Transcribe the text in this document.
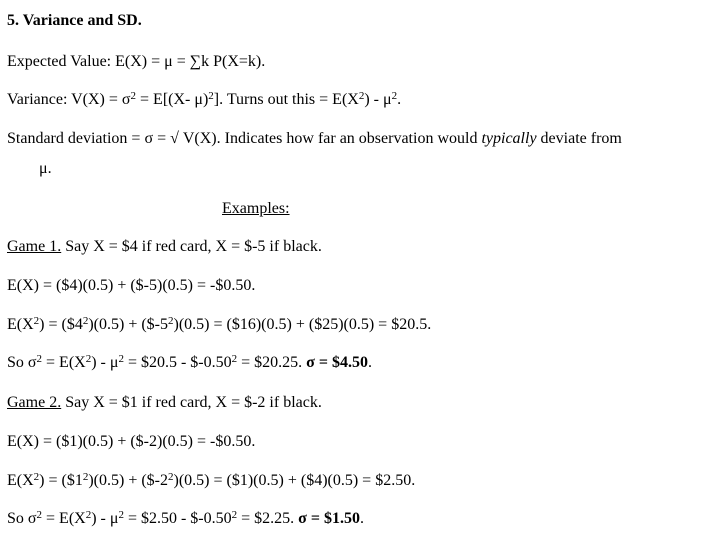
5. Variance and SD.
Expected Value: E(X) = μ = ∑k P(X=k).
Variance: $V(X) = \sigma^2 = E[(X-$ μ)$^2$]. Turns out this = $E(X^2) - \mu^2$.
Standard deviation = σ = √ V(X). Indicates how far an observation would typically deviate from
μ.
Examples:
Game 1. Say X = $4 if red card, X = $-5 if black.
E(X) = ($4)(0.5) + ($-5)(0.5) = -$0.50.
$E(X^2)$ = $(\$4^2)(0.5)$ + $(\$-5^2)(0.5)$ = ($16)(0.5) + ($25)(0.5) = $20.5.
So $\sigma^2 = E(X^2) - \mu^2$ = $20.5 - $\$-0.50^2$ = $20.25. σ = $4.50.
Game 2. Say X = $1 if red card, X = $-2 if black.
E(X) = ($1)(0.5) + ($-2)(0.5) = -$0.50.
$E(X^2)$ = $(\$1^2)(0.5)$ + $(\$-2^2)(0.5)$ = ($1)(0.5) + ($4)(0.5) = $2.50.
So $\sigma^2 = E(X^2) - \mu^2$ = $2.50 - $\$-0.50^2$ = $2.25. σ = $1.50.
